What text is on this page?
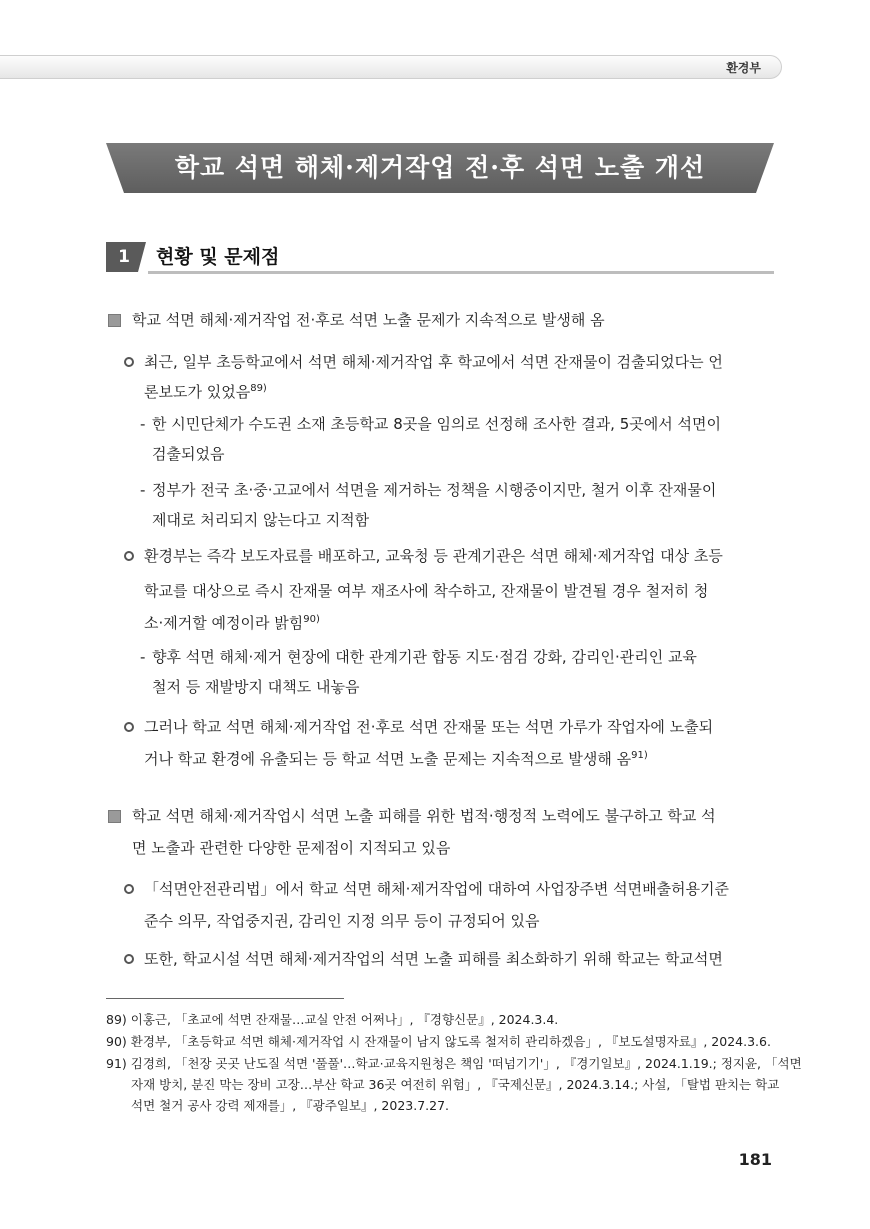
환경부
학교 석면 해체·제거작업 전·후 석면 노출 개선
1	현황 및 문제점
학교 석면 해체·제거작업 전·후로 석면 노출 문제가 지속적으로 발생해 옴
최근, 일부 초등학교에서 석면 해체·제거작업 후 학교에서 석면 잔재물이 검출되었다는 언
론보도가 있었음$^{89)}$
- 한 시민단체가 수도권 소재 초등학교 8곳을 임의로 선정해 조사한 결과, 5곳에서 석면이
검출되었음
- 정부가 전국 초·중·고교에서 석면을 제거하는 정책을 시행중이지만, 철거 이후 잔재물이
제대로 처리되지 않는다고 지적함
환경부는 즉각 보도자료를 배포하고, 교육청 등 관계기관은 석면 해체·제거작업 대상 초등
학교를 대상으로 즉시 잔재물 여부 재조사에 착수하고, 잔재물이 발견될 경우 철저히 청
소·제거할 예정이라 밝힘$^{90)}$
- 향후 석면 해체·제거 현장에 대한 관계기관 합동 지도·점검 강화, 감리인·관리인 교육
철저 등 재발방지 대책도 내놓음
그러나 학교 석면 해체·제거작업 전·후로 석면 잔재물 또는 석면 가루가 작업자에 노출되
거나 학교 환경에 유출되는 등 학교 석면 노출 문제는 지속적으로 발생해 옴$^{91)}$
학교 석면 해체·제거작업시 석면 노출 피해를 위한 법적·행정적 노력에도 불구하고 학교 석
면 노출과 관련한 다양한 문제점이 지적되고 있음
「석면안전관리법」에서 학교 석면 해체·제거작업에 대하여 사업장주변 석면배출허용기준
준수 의무, 작업중지권, 감리인 지정 의무 등이 규정되어 있음
또한, 학교시설 석면 해체·제거작업의 석면 노출 피해를 최소화하기 위해 학교는 학교석면
89) 이홍근, 「초교에 석면 잔재물…교실 안전 어쩌나」, 『경향신문』, 2024.3.4.
90) 환경부, 「초등학교 석면 해체·제거작업 시 잔재물이 남지 않도록 철저히 관리하겠음」, 『보도설명자료』, 2024.3.6.
91) 김경희, 「천장 곳곳 난도질 석면 '풀풀'…학교·교육지원청은 책임 '떠넘기기'」, 『경기일보』, 2024.1.19.; 정지윤, 「석면
자재 방치, 분진 막는 장비 고장…부산 학교 36곳 여전히 위험」, 『국제신문』, 2024.3.14.; 사설, 「탈법 판치는 학교
석면 철거 공사 강력 제재를」, 『광주일보』, 2023.7.27.
181
